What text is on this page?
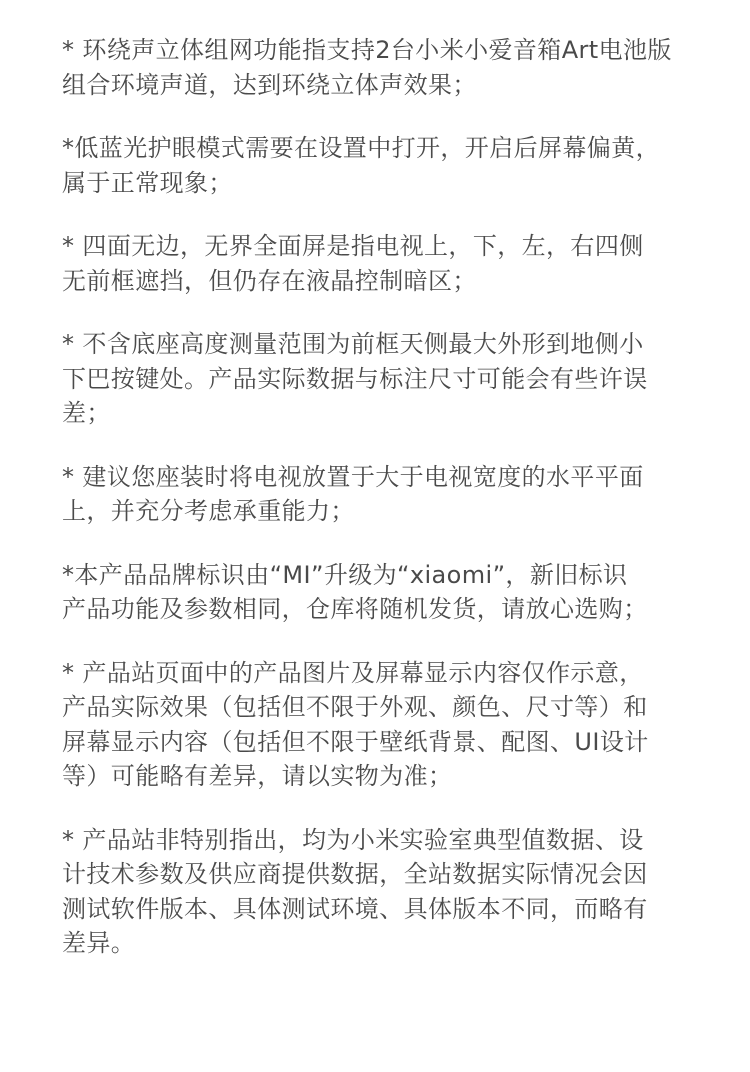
* 环绕声立体组网功能指支持2台小米小爱音箱Art电池版
组合环境声道，达到环绕立体声效果；

*低蓝光护眼模式需要在设置中打开，开启后屏幕偏黄，
属于正常现象；

* 四面无边，无界全面屏是指电视上，下，左，右四侧
无前框遮挡，但仍存在液晶控制暗区；

* 不含底座高度测量范围为前框天侧最大外形到地侧小
下巴按键处。产品实际数据与标注尺寸可能会有些许误
差；

* 建议您座装时将电视放置于大于电视宽度的水平平面
上，并充分考虑承重能力；

*本产品品牌标识由“MI”升级为“xiaomi”，新旧标识
产品功能及参数相同，仓库将随机发货，请放心选购；

* 产品站页面中的产品图片及屏幕显示内容仅作示意，
产品实际效果（包括但不限于外观、颜色、尺寸等）和
屏幕显示内容（包括但不限于壁纸背景、配图、UI设计
等）可能略有差异，请以实物为准；

* 产品站非特别指出，均为小米实验室典型值数据、设
计技术参数及供应商提供数据，全站数据实际情况会因
测试软件版本、具体测试环境、具体版本不同，而略有
差异。
